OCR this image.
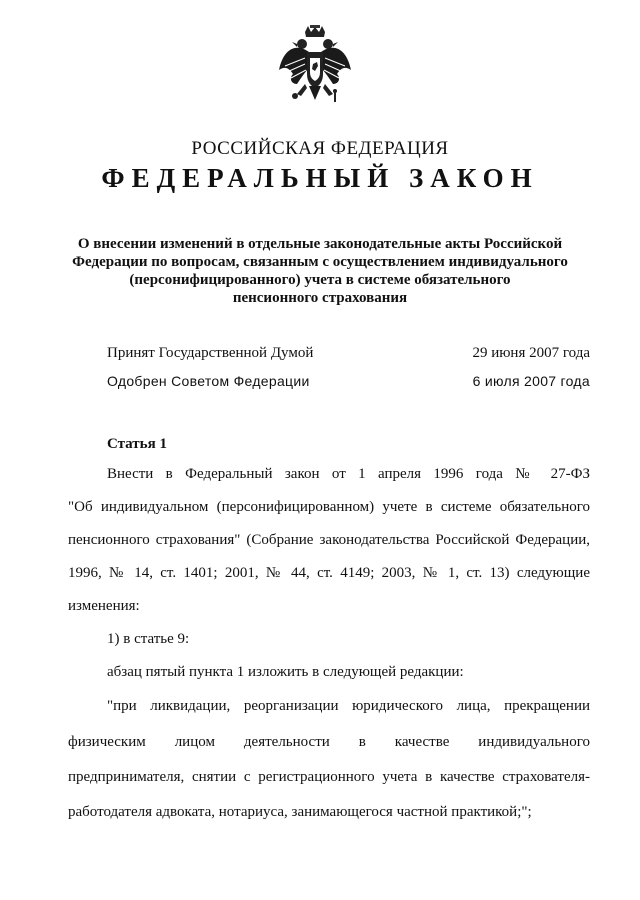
РОССИЙСКАЯ ФЕДЕРАЦИЯ
ФЕДЕРАЛЬНЫЙ ЗАКОН
О внесении изменений в отдельные законодательные акты Российской
Федерации по вопросам, связанным с осуществлением индивидуального
(персонифицированного) учета в системе обязательного
пенсионного страхования
Принят Государственной Думой	29 июня 2007 года
Одобрен Советом Федерации	6 июля 2007 года
Статья 1
Внести в Федеральный закон от 1 апреля 1996 года № 27-ФЗ
"Об индивидуальном (персонифицированном) учете в системе обязательного
пенсионного страхования" (Собрание законодательства Российской Федерации,
1996, № 14, ст. 1401; 2001, № 44, ст. 4149; 2003, № 1, ст. 13) следующие
изменения:
1) в статье 9:
абзац пятый пункта 1 изложить в следующей редакции:
"при ликвидации, реорганизации юридического лица, прекращении
физическим лицом деятельности в качестве индивидуального
предпринимателя, снятии с регистрационного учета в качестве страхователя-
работодателя адвоката, нотариуса, занимающегося частной практикой;";
